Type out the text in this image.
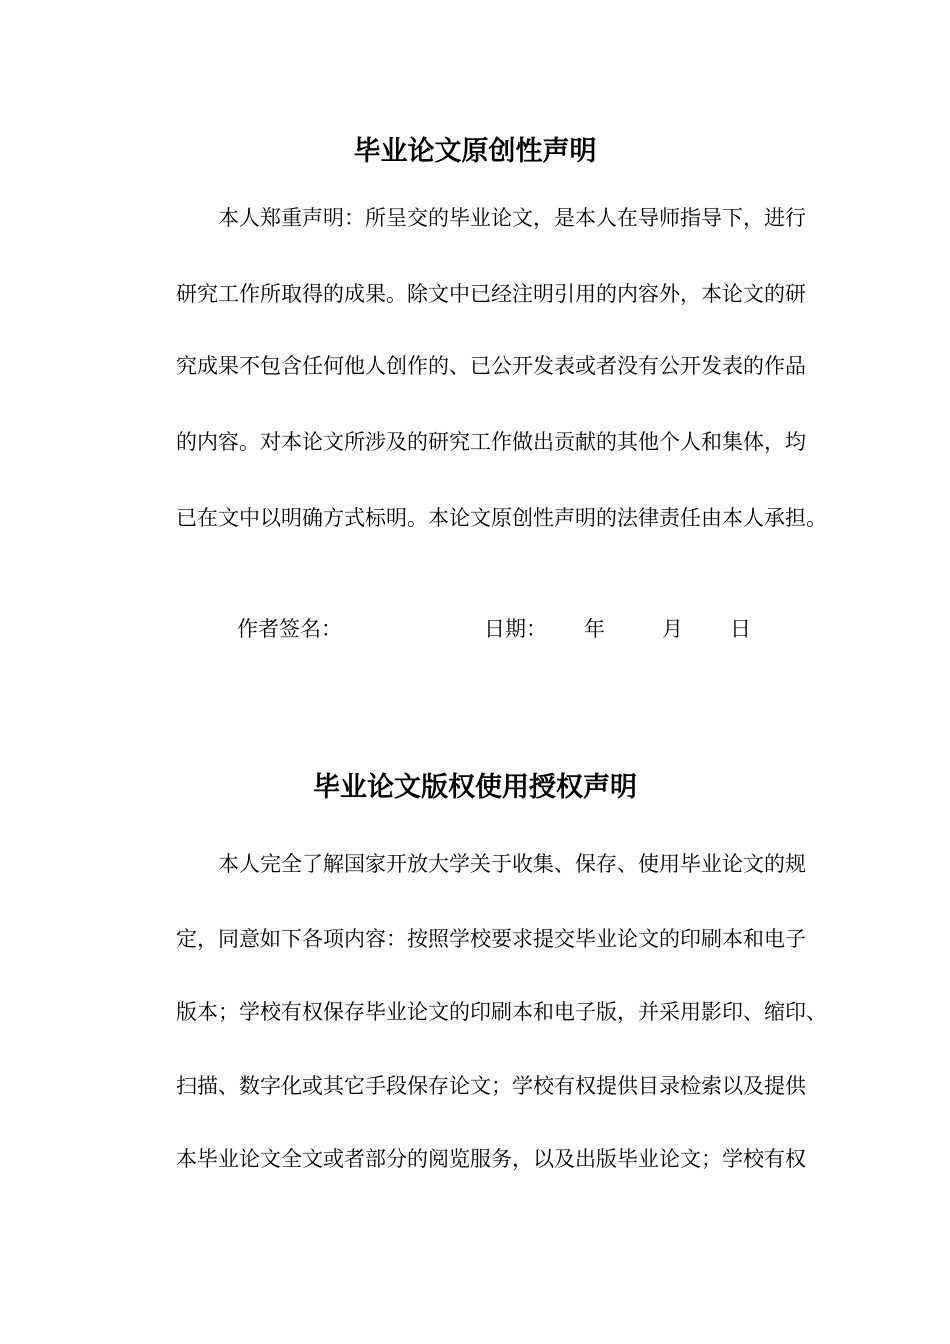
毕业论文原创性声明

本人郑重声明：所呈交的毕业论文，是本人在导师指导下，进行

研究工作所取得的成果。除文中已经注明引用的内容外，本论文的研

究成果不包含任何他人创作的、已公开发表或者没有公开发表的作品

的内容。对本论文所涉及的研究工作做出贡献的其他个人和集体，均

已在文中以明确方式标明。本论文原创性声明的法律责任由本人承担。

作者签名：	日期： 年	月 日
毕业论文版权使用授权声明

本人完全了解国家开放大学关于收集、保存、使用毕业论文的规

定，同意如下各项内容：按照学校要求提交毕业论文的印刷本和电子

版本；学校有权保存毕业论文的印刷本和电子版，并采用影印、缩印、

扫描、数字化或其它手段保存论文；学校有权提供目录检索以及提供

本毕业论文全文或者部分的阅览服务，以及出版毕业论文；学校有权
